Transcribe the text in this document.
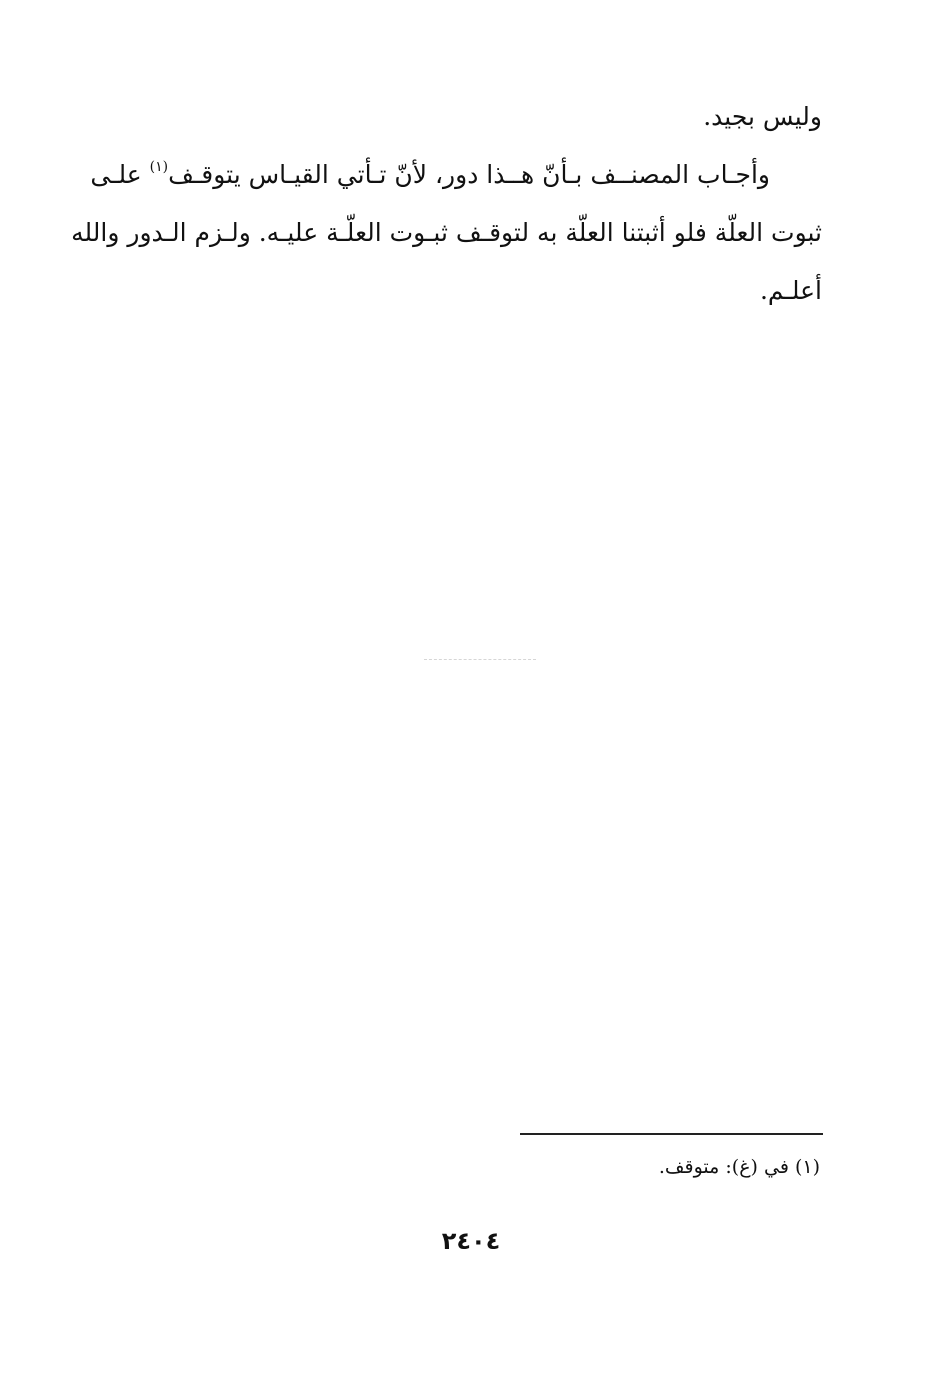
وليس بجيد.

وأجـاب المصنــف بـأنّ هــذا دور، لأنّ تـأتي القيـاس يتوقـف$^{(١)}$ علـى
ثبوت العلّة فلو أثبتنا العلّة به لتوقـف ثبـوت العلّـة عليـه. ولـزم الـدور والله
أعلـم.

(١) في (غ): متوقف.
٢٤٠٤
